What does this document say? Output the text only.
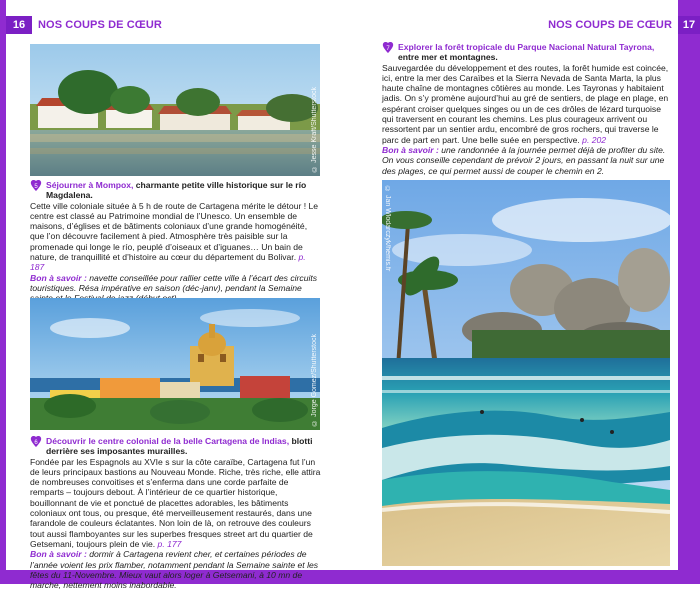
16	NOS COUPS DE CŒUR	NOS COUPS DE CŒUR 17
© Jesse Kraft/Shutterstock
5 Séjourner à Mompox, charmante petite ville historique sur le río Magdalena.

Cette ville coloniale située à 5 h de route de Cartagena mérite le détour ! Le centre est classé au Patrimoine mondial de l’Unesco. Un ensemble de maisons, d’églises et de bâtiments coloniaux d’une grande homogénéité, que l’on découvre facilement à pied. Atmosphère très paisible sur la promenade qui longe le río, peuplé d’oiseaux et d’iguanes… Un bain de nature, de tranquillité et d’histoire au cœur du département du Bolivar. p. 187

Bon à savoir : navette conseillée pour rallier cette ville à l’écart des circuits touristiques. Résa impérative en saison (déc-janv), pendant la Semaine

© Jorge Gomez/Shutterstock
6 Découvrir le centre colonial de la belle Cartagena de Indias, blotti derrière ses imposantes murailles.

Fondée par les Espagnols au XVIe s sur la côte caraïbe, Cartagena fut l’un de leurs principaux bastions au Nouveau Monde. Riche, très riche, elle attira de nombreuses convoitises et s’enferma dans une corde parfaite de remparts – toujours debout. À l’intérieur de ce quartier historique, bouillonnant de vie et ponctué de placettes adorables, les bâtiments coloniaux ont tous, ou presque, été merveilleusement restaurés, dans une farandole de couleurs éclatantes. Non loin de là, on retrouve des couleurs tout aussi flamboyantes sur les superbes fresques street art du quartier de Getsemani, toujours plein de vie. p. 177

Bon à savoir : dormir à Cartagena revient cher, et certaines périodes de l’année voient les prix flamber, notamment pendant la Semaine sainte et les fêtes du 11-Novembre. Mieux vaut alors loger à Getsemani, à 10 mn de marche, nettement moins inabordable.

7 Explorer la forêt tropicale du Parque Nacional Natural Tayrona, entre mer et montagnes.

Sauvegardée du développement et des routes, la forêt humide est coincée, ici, entre la mer des Caraïbes et la Sierra Nevada de Santa Marta, la plus haute chaîne de montagnes côtières au monde. Les Tayronas y habitaient jadis. On s’y promène aujourd’hui au gré de sentiers, de plage en plage, en espérant croiser quelques singes ou un de ces drôles de lézard turquoise qui traversent en courant les chemins. Les plus courageux arrivent ou ressortent par un sentier ardu, encombré de gros rochers, qui traverse le parc de part en part. Une belle suée en perspective. p. 202

Bon à savoir : une randonnée à la journée permet déjà de profiter du site. On vous conseille cependant de prévoir 2 jours, en passant la nuit sur une des plages, ce qui permet aussi de couper le chemin en 2.

© Jan Wlodarczyk/hemis.fr
